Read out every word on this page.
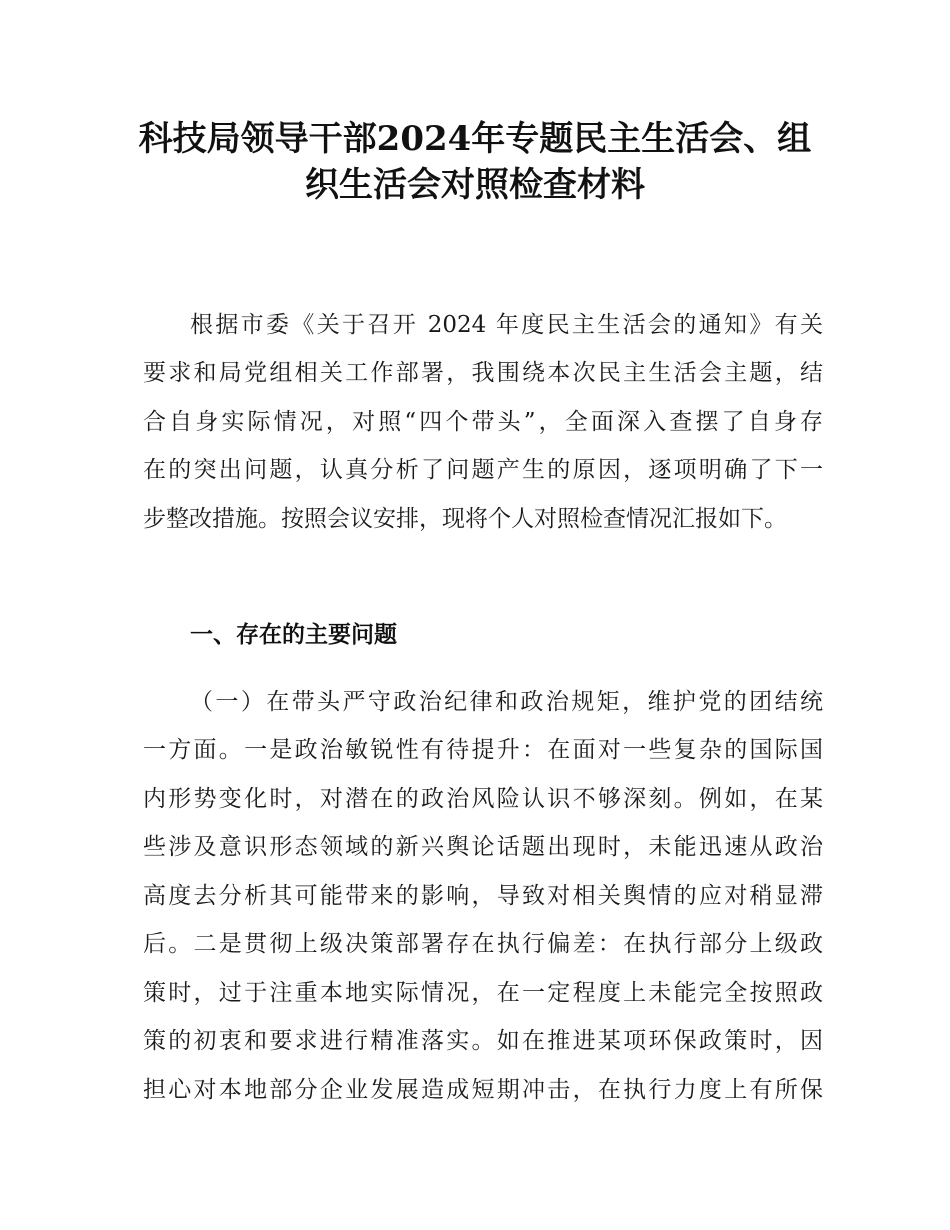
科技局领导干部2024年专题民主生活会、组
织生活会对照检查材料
根据市委《关于召开 2024 年度民主生活会的通知》有关
要求和局党组相关工作部署，我围绕本次民主生活会主题，结
合自身实际情况，对照“四个带头”，全面深入查摆了自身存
在的突出问题，认真分析了问题产生的原因，逐项明确了下一
步整改措施。按照会议安排，现将个人对照检查情况汇报如下。
一、存在的主要问题
（一）在带头严守政治纪律和政治规矩，维护党的团结统
一方面。一是政治敏锐性有待提升：在面对一些复杂的国际国
内形势变化时，对潜在的政治风险认识不够深刻。例如，在某
些涉及意识形态领域的新兴舆论话题出现时，未能迅速从政治
高度去分析其可能带来的影响，导致对相关舆情的应对稍显滞
后。二是贯彻上级决策部署存在执行偏差：在执行部分上级政
策时，过于注重本地实际情况，在一定程度上未能完全按照政
策的初衷和要求进行精准落实。如在推进某项环保政策时，因
担心对本地部分企业发展造成短期冲击，在执行力度上有所保
